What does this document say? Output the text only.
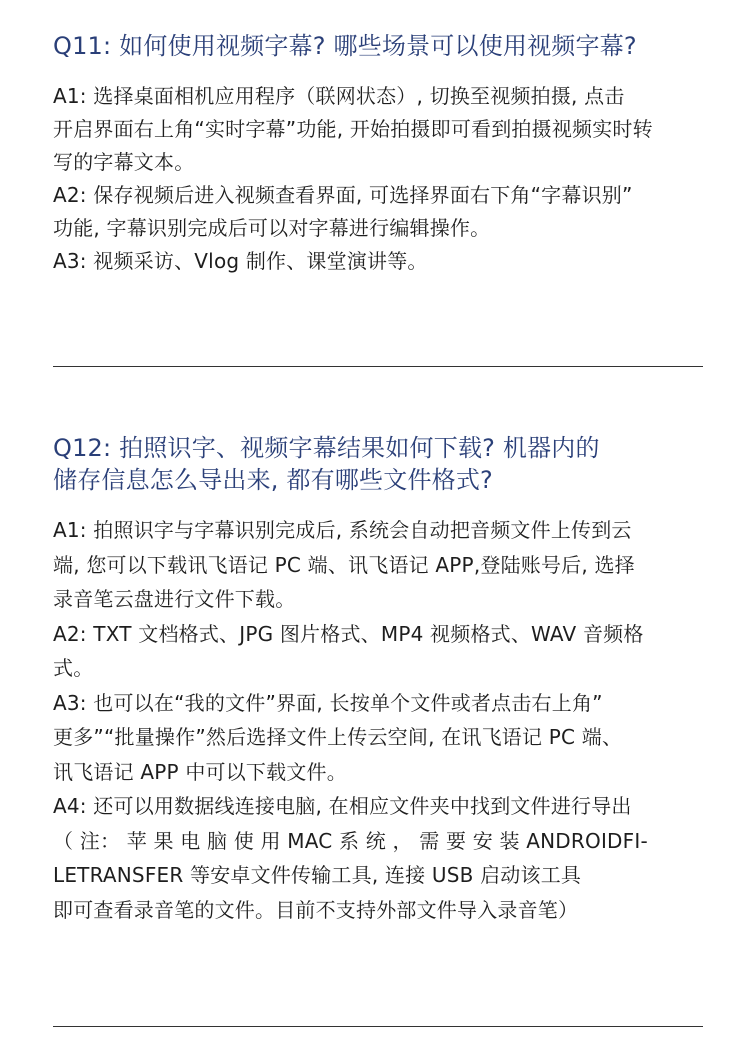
Q11: 如何使用视频字幕? 哪些场景可以使用视频字幕?
A1: 选择桌面相机应用程序（联网状态）, 切换至视频拍摄, 点击
开启界面右上角“实时字幕”功能, 开始拍摄即可看到拍摄视频实时转
写的字幕文本。
A2: 保存视频后进入视频查看界面, 可选择界面右下角“字幕识别”
功能, 字幕识别完成后可以对字幕进行编辑操作。
A3: 视频采访、Vlog 制作、课堂演讲等。
Q12: 拍照识字、视频字幕结果如何下载? 机器内的
储存信息怎么导出来, 都有哪些文件格式?
A1: 拍照识字与字幕识别完成后, 系统会自动把音频文件上传到云
端, 您可以下载讯飞语记 PC 端、讯飞语记 APP,登陆账号后, 选择
录音笔云盘进行文件下载。
A2: TXT 文档格式、JPG 图片格式、MP4 视频格式、WAV 音频格
式。
A3: 也可以在“我的文件”界面, 长按单个文件或者点击右上角”
更多”“批量操作”然后选择文件上传云空间, 在讯飞语记 PC 端、
讯飞语记 APP 中可以下载文件。
A4: 还可以用数据线连接电脑, 在相应文件夹中找到文件进行导出
（ 注： 苹 果 电 脑 使 用 MAC 系 统 ， 需 要 安 装 ANDROIDFI-
LETRANSFER 等安卓文件传输工具, 连接 USB 启动该工具
即可查看录音笔的文件。目前不支持外部文件导入录音笔）
